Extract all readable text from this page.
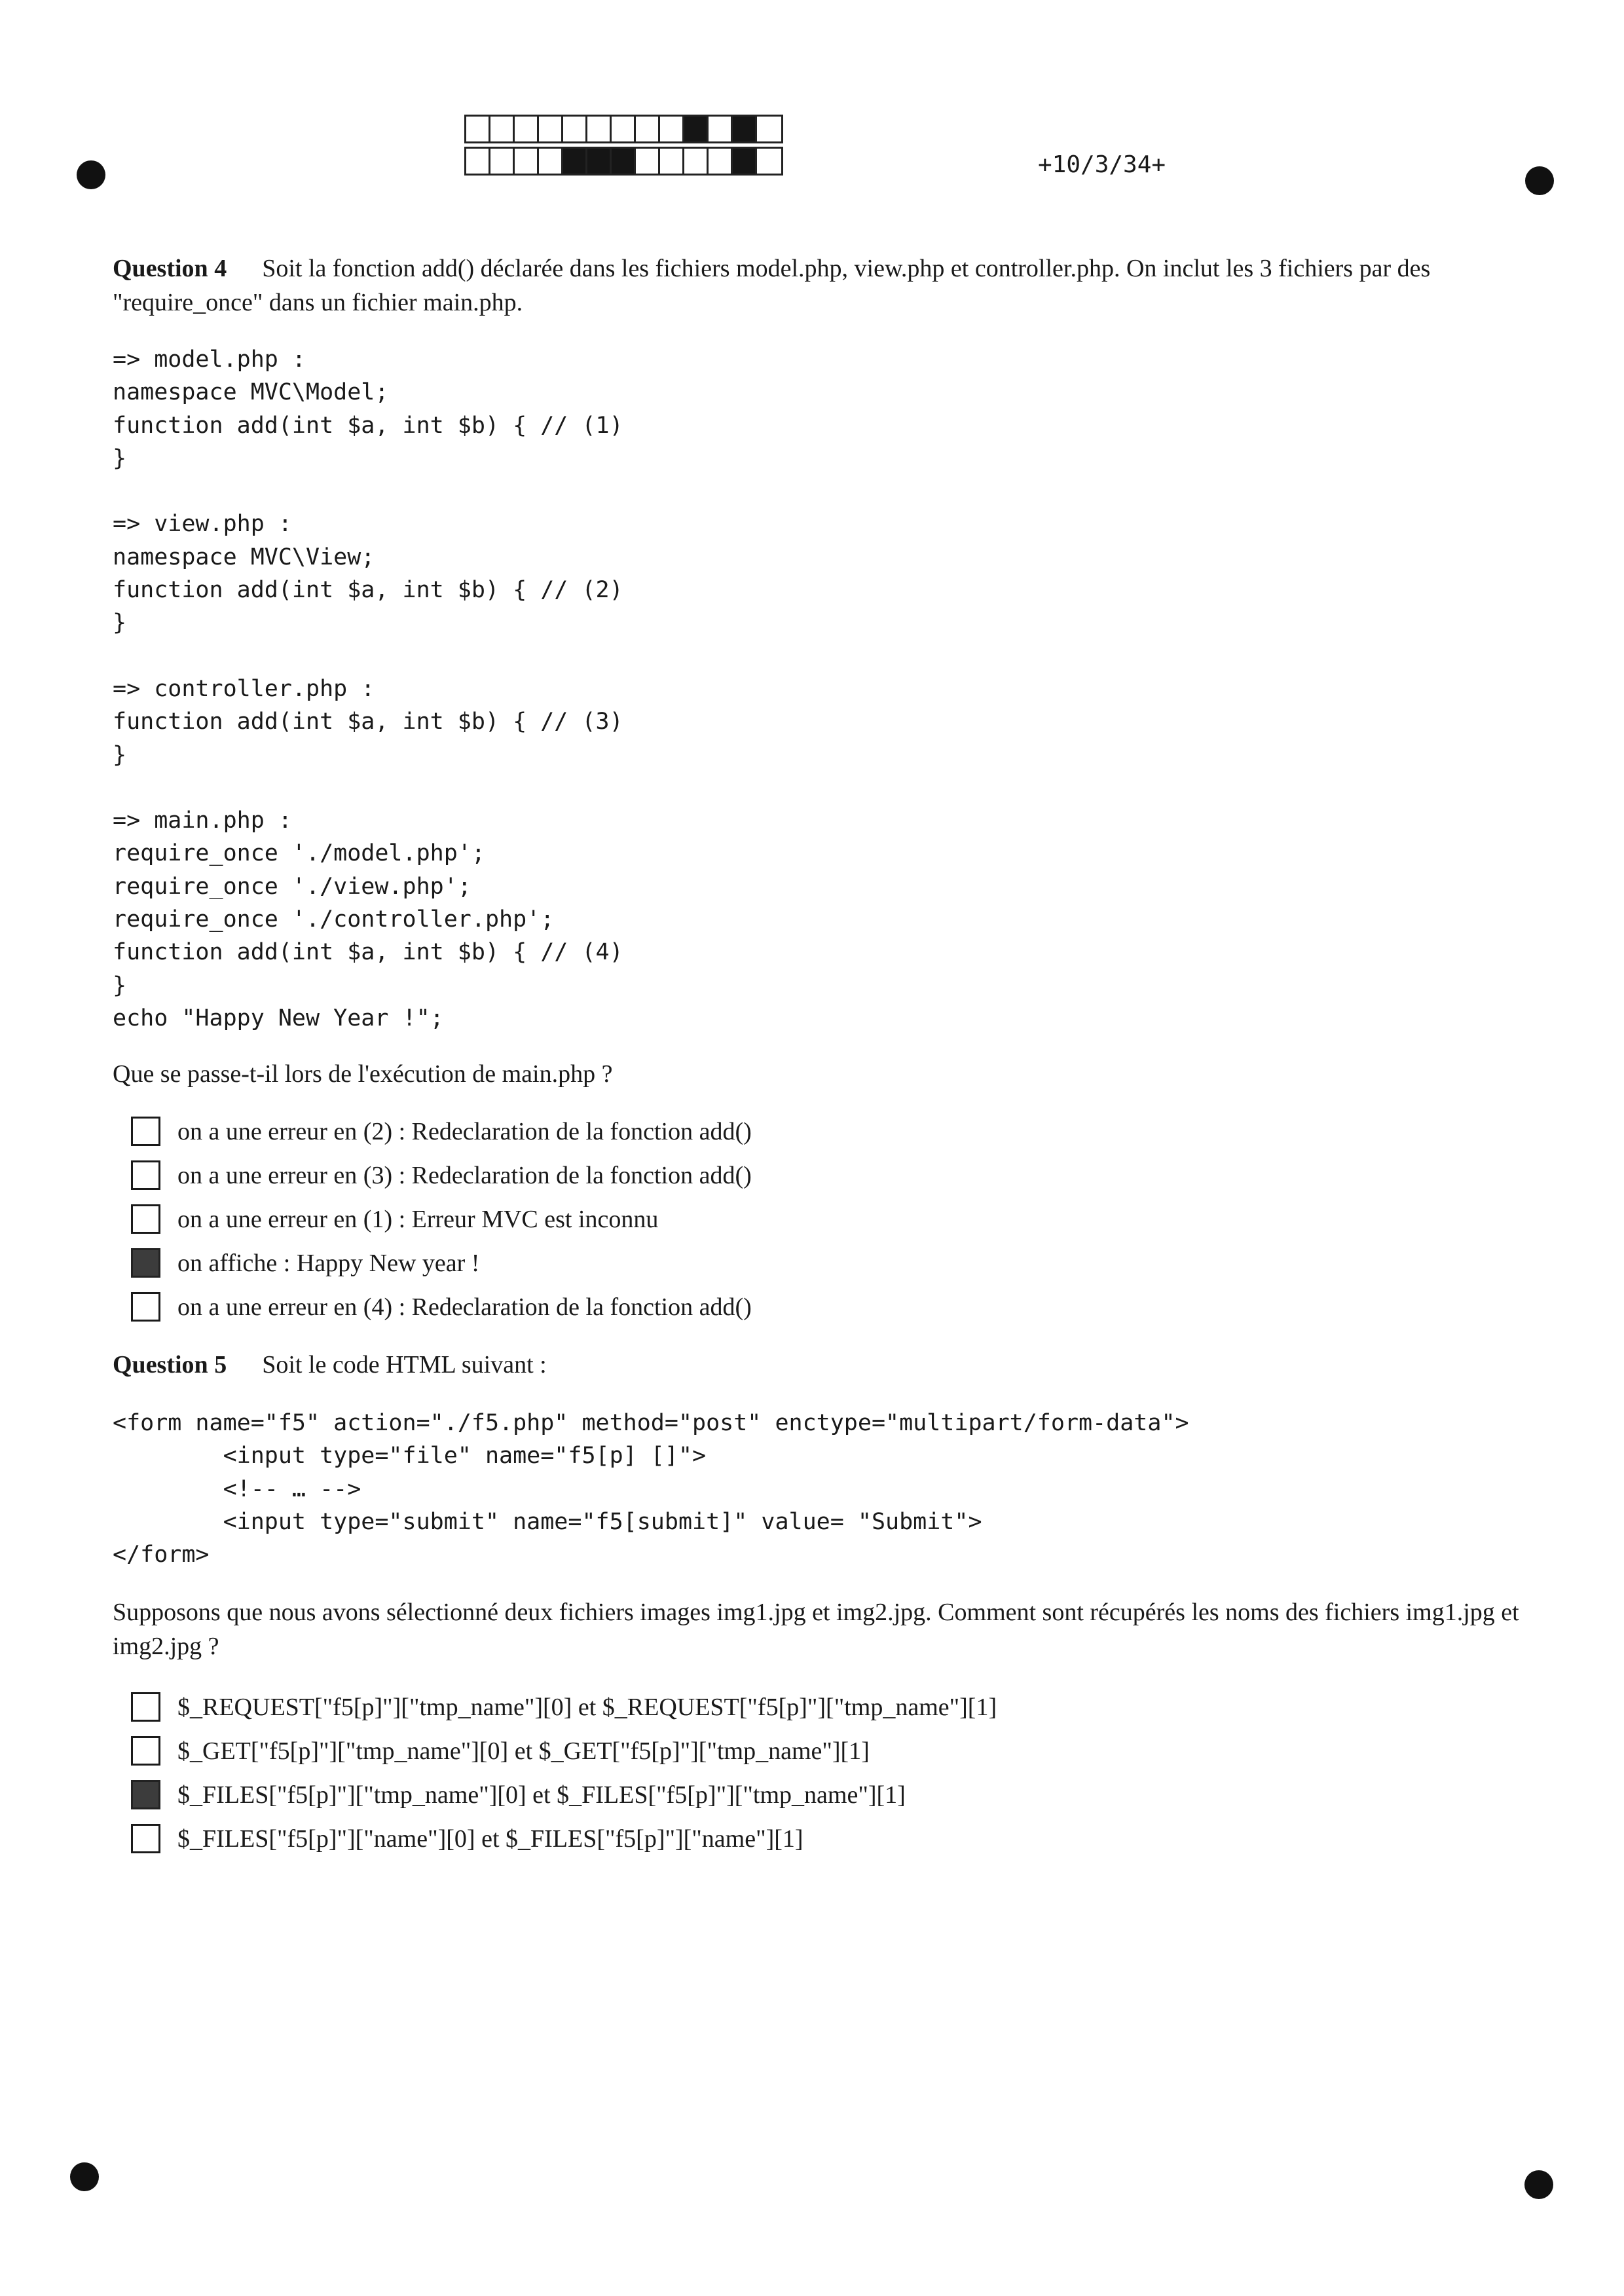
+10/3/34+
Question 4 Soit la fonction add() déclarée dans les fichiers model.php, view.php et controller.php. On inclut les 3 fichiers par des "require_once" dans un fichier main.php.
=> model.php :
namespace MVC\Model;
function add(int $a, int $b) { // (1)
}

=> view.php :
namespace MVC\View;
function add(int $a, int $b) { // (2)
}

=> controller.php :
function add(int $a, int $b) { // (3)
}

=> main.php :
require_once './model.php';
require_once './view.php';
require_once './controller.php';
function add(int $a, int $b) { // (4)
}
echo "Happy New Year !";
Que se passe-t-il lors de l'exécution de main.php ?
on a une erreur en (2) : Redeclaration de la fonction add()
on a une erreur en (3) : Redeclaration de la fonction add()
on a une erreur en (1) : Erreur MVC est inconnu
on affiche : Happy New year !
on a une erreur en (4) : Redeclaration de la fonction add()
Question 5 Soit le code HTML suivant :
<form name="f5" action="./f5.php" method="post" enctype="multipart/form-data">
<input type="file" name="f5[p] []">
<!-- … -->
<input type="submit" name="f5[submit]" value= "Submit">
</form>
Supposons que nous avons sélectionné deux fichiers images img1.jpg et img2.jpg. Comment sont récupérés les noms des fichiers img1.jpg et img2.jpg ?
$_REQUEST["f5[p]"]["tmp_name"][0] et $_REQUEST["f5[p]"]["tmp_name"][1]
$_GET["f5[p]"]["tmp_name"][0] et $_GET["f5[p]"]["tmp_name"][1]
$_FILES["f5[p]"]["tmp_name"][0] et $_FILES["f5[p]"]["tmp_name"][1]
$_FILES["f5[p]"]["name"][0] et $_FILES["f5[p]"]["name"][1]
